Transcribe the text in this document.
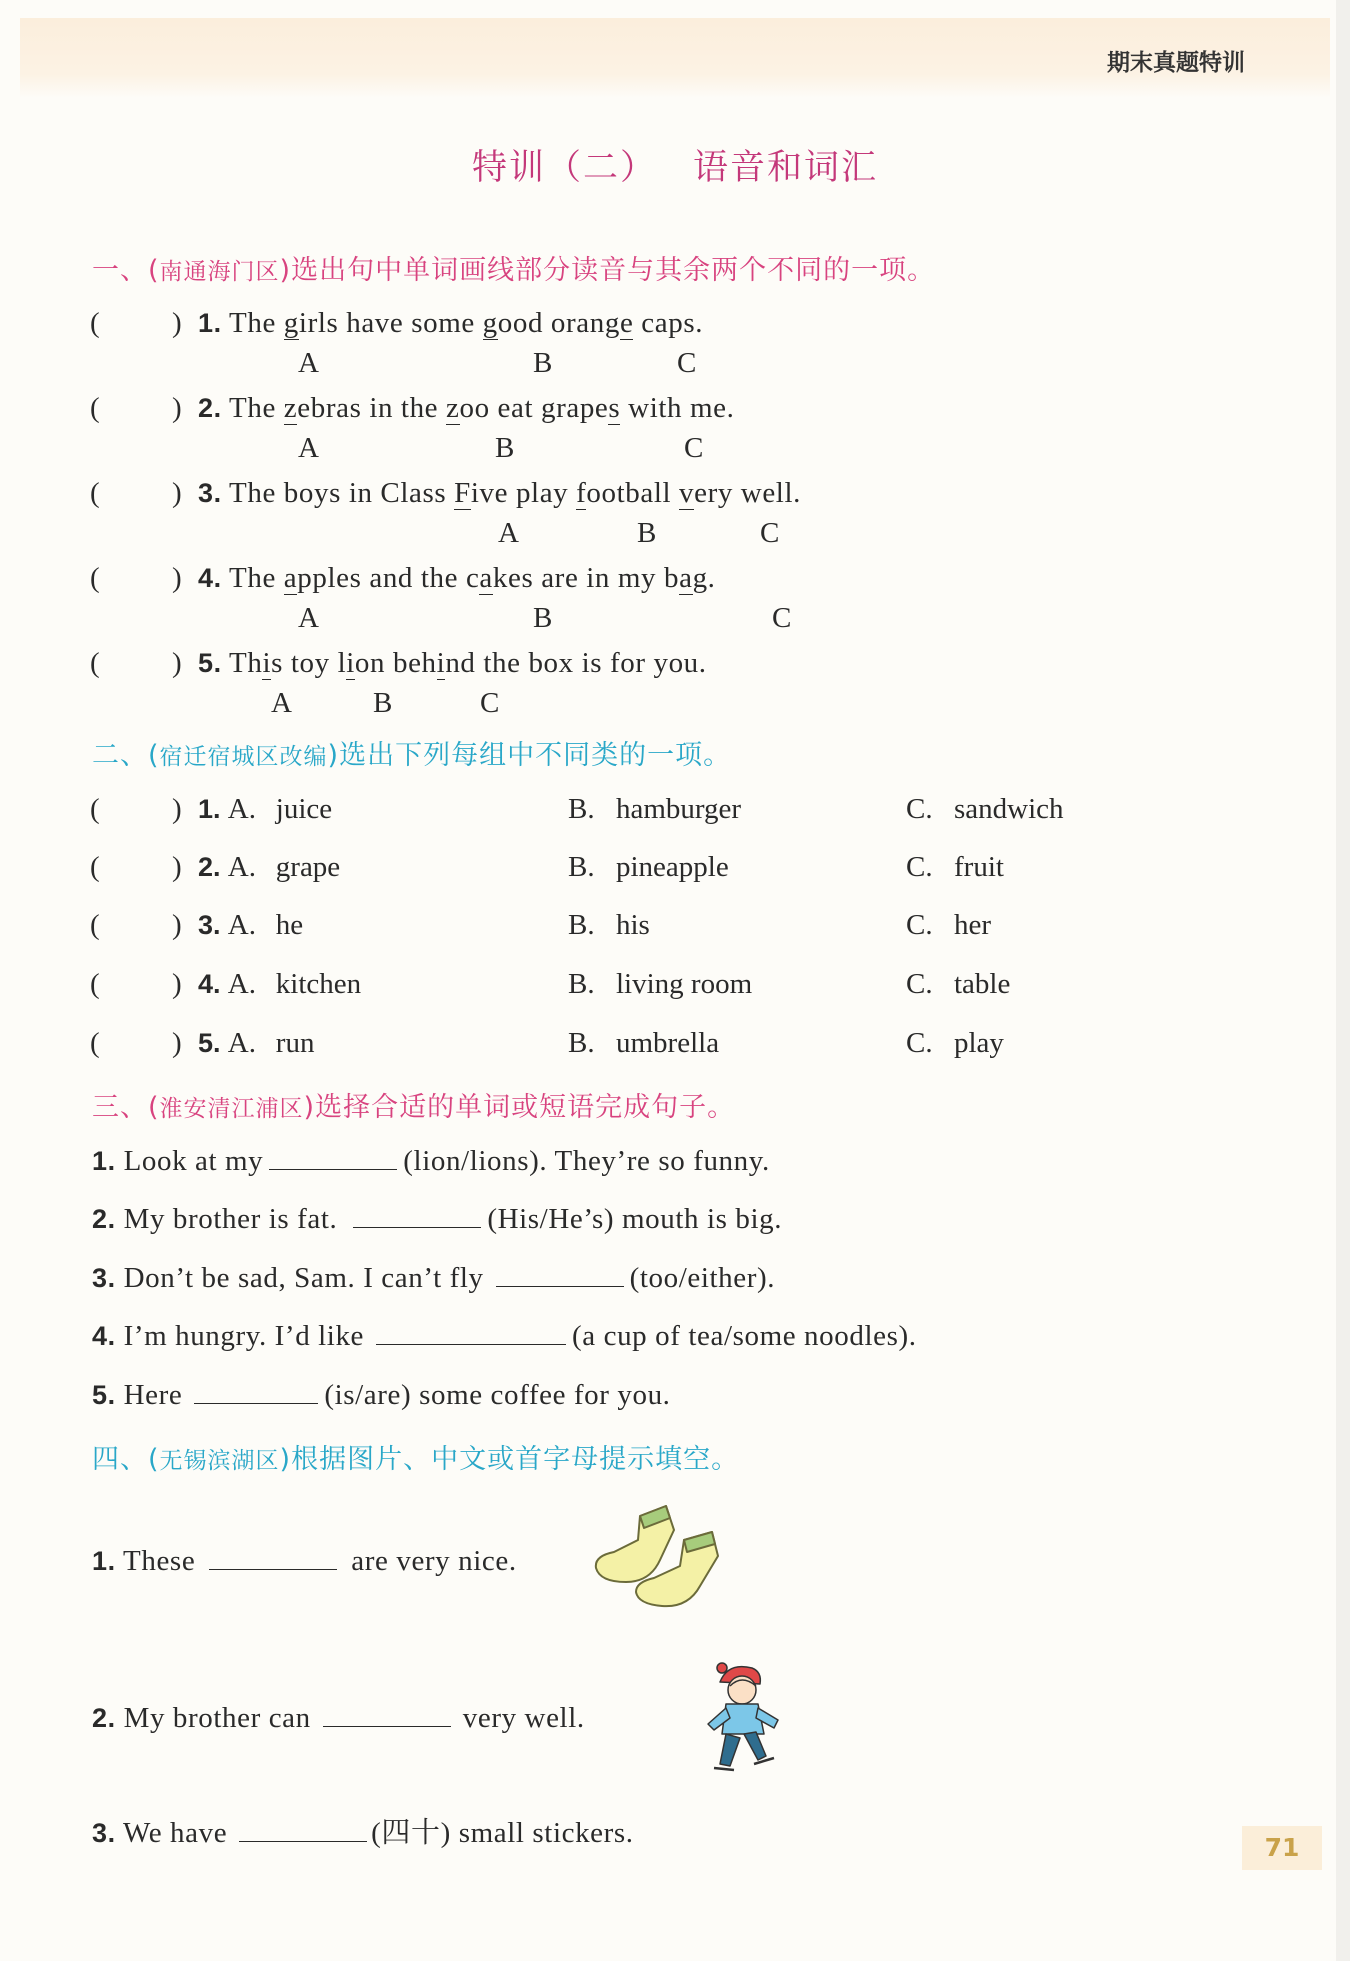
期末真题特训
特训（二） 语音和词汇
一、(南通海门区)选出句中单词画线部分读音与其余两个不同的一项。
( ) 1. The girls have some good orange caps.
A	B	C
( ) 2. The zebras in the zoo eat grapes with me.
A	B	C
( ) 3. The boys in Class Five play football very well.
A	B	C
( ) 4. The apples and the cakes are in my bag.
A	B	C
( ) 5. This toy lion behind the box is for you.
A	B	C
二、(宿迁宿城区改编)选出下列每组中不同类的一项。
( ) 1. A. juice	B. hamburger	C. sandwich
( ) 2. A. grape	B. pineapple	C. fruit
( ) 3. A. he	B. his	C. her
( ) 4. A. kitchen	B. living room	C. table
( ) 5. A. run	B. umbrella	C. play
三、(淮安清江浦区)选择合适的单词或短语完成句子。
1. Look at my	(lion/lions). They’re so funny.
2. My brother is fat.	(His/He’s) mouth is big.
3. Don’t be sad, Sam. I can’t fly	(too/either).
4. I’m hungry. I’d like	(a cup of tea/some noodles).
5. Here	(is/are) some coffee for you.
四、(无锡滨湖区)根据图片、中文或首字母提示填空。
1. These	are very nice.
2. My brother can	very well.
3. We have	(四十) small stickers.	71
